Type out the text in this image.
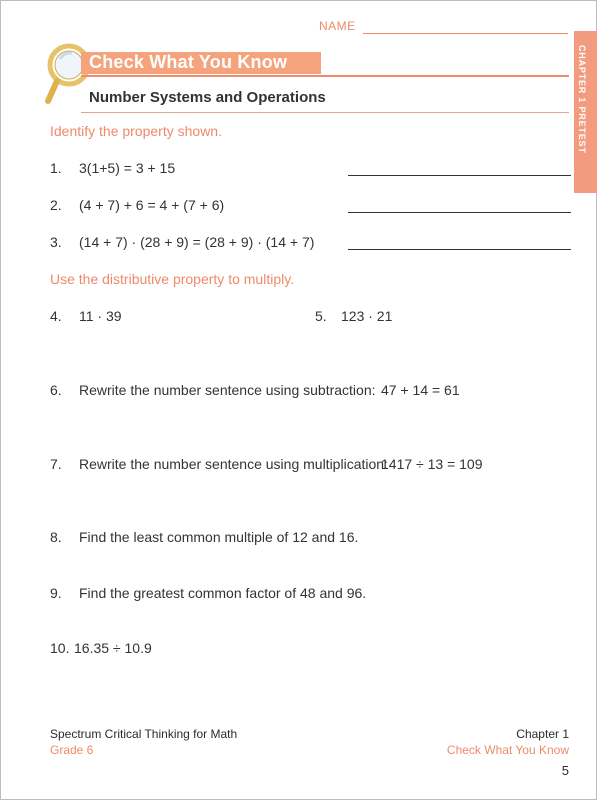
NAME
Check What You Know
Number Systems and Operations	CHAPTER 1 PRETEST
Identify the property shown.
1. 3(1+5) = 3 + 15
2. (4 + 7) + 6 = 4 + (7 + 6)
3. (14 + 7) · (28 + 9) = (28 + 9) · (14 + 7)
Use the distributive property to multiply.
4. 11 · 39	5. 123 · 21
6. Rewrite the number sentence using subtraction: 47 + 14 = 61
7. Rewrite the number sentence using multiplication:
1417 ÷ 13 = 109
8. Find the least common multiple of 12 and 16.
9. Find the greatest common factor of 48 and 96.
10. 16.35 ÷ 10.9
Spectrum Critical Thinking for Math
Grade 6
Chapter 1
Check What You Know
5
